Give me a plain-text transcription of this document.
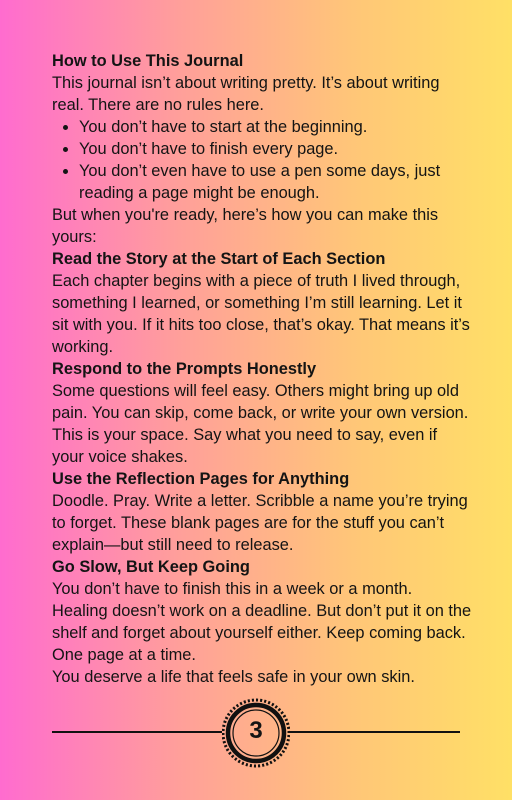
How to Use This Journal

This journal isn’t about writing pretty. It’s about writing real. There are no rules here.

• You don’t have to start at the beginning.
• You don’t have to finish every page.
• You don’t even have to use a pen some days, just reading a page might be enough.

But when you're ready, here’s how you can make this yours:

Read the Story at the Start of Each Section

Each chapter begins with a piece of truth I lived through, something I learned, or something I’m still learning. Let it sit with you. If it hits too close, that’s okay. That means it’s working.

Respond to the Prompts Honestly

Some questions will feel easy. Others might bring up old pain. You can skip, come back, or write your own version. This is your space. Say what you need to say, even if your voice shakes.

Use the Reflection Pages for Anything

Doodle. Pray. Write a letter. Scribble a name you’re trying to forget. These blank pages are for the stuff you can’t explain—but still need to release.

Go Slow, But Keep Going

You don’t have to finish this in a week or a month. Healing doesn’t work on a deadline. But don’t put it on the shelf and forget about yourself either. Keep coming back. One page at a time.

You deserve a life that feels safe in your own skin.

3
